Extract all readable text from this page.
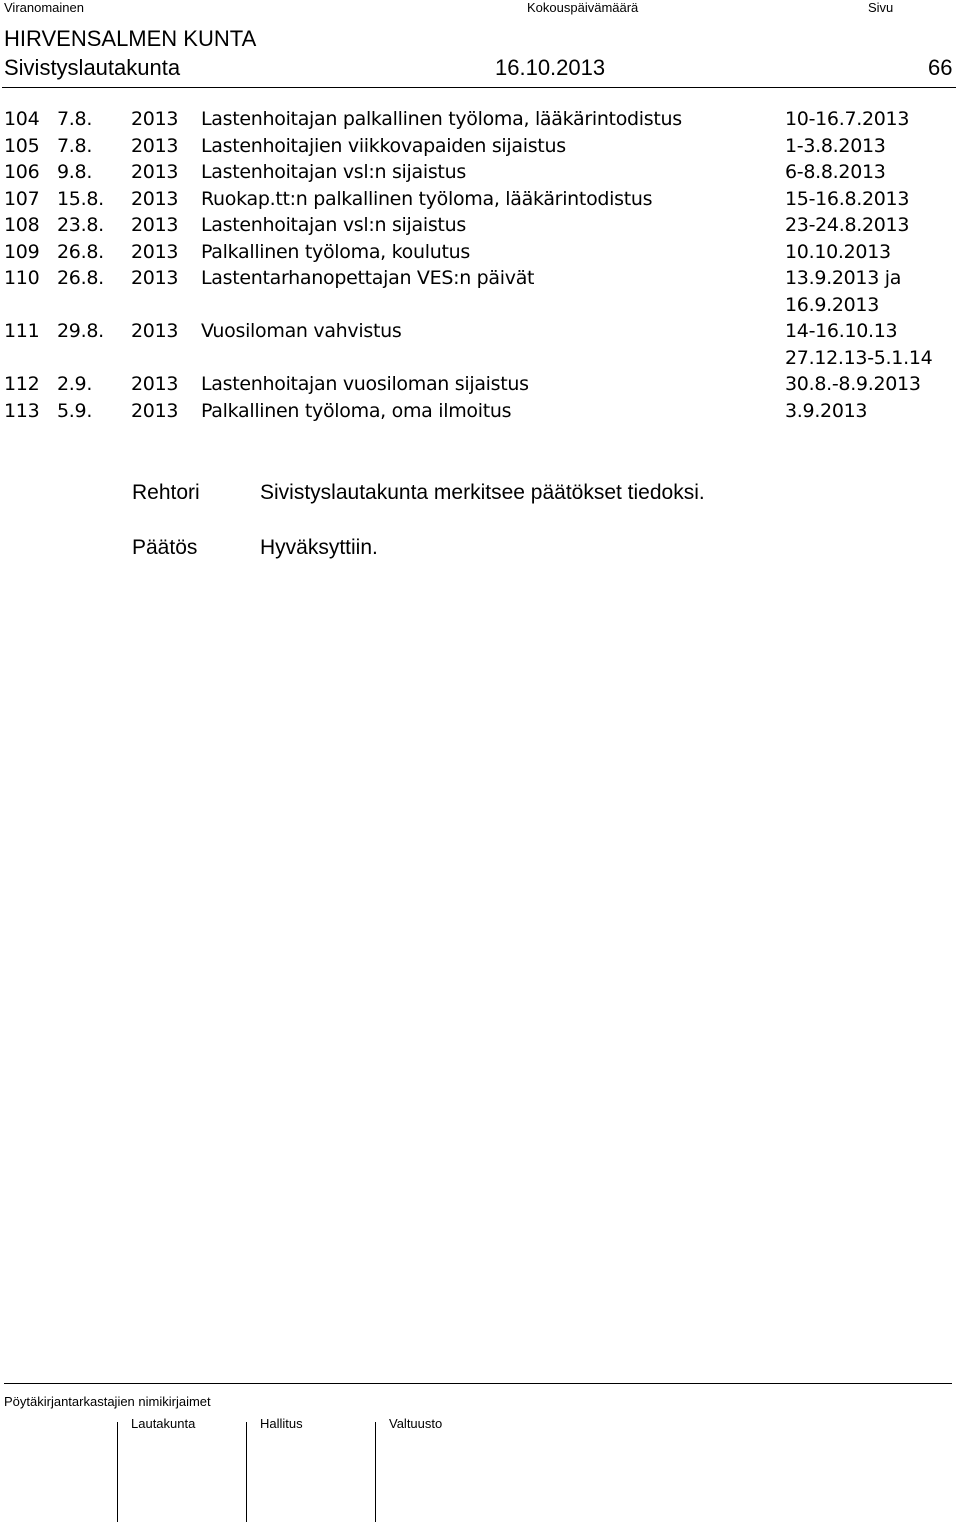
Viranomainen	Kokouspäivämäärä	Sivu
HIRVENSALMEN KUNTA
Sivistyslautakunta	16.10.2013	66
104 7.8. 2013 Lastenhoitajan palkallinen työloma, lääkärintodistus	10-16.7.2013
105 7.8. 2013 Lastenhoitajien viikkovapaiden sijaistus	1-3.8.2013
106 9.8. 2013 Lastenhoitajan vsl:n sijaistus	6-8.8.2013
107 15.8. 2013 Ruokap.tt:n palkallinen työloma, lääkärintodistus	15-16.8.2013
108 23.8. 2013 Lastenhoitajan vsl:n sijaistus	23-24.8.2013
109 26.8. 2013 Palkallinen työloma, koulutus	10.10.2013
110 26.8. 2013 Lastentarhanopettajan VES:n päivät	13.9.2013 ja
16.9.2013
111 29.8. 2013 Vuosiloman vahvistus	14-16.10.13
27.12.13-5.1.14
112 2.9. 2013 Lastenhoitajan vuosiloman sijaistus	30.8.-8.9.2013
113 5.9. 2013 Palkallinen työloma, oma ilmoitus	3.9.2013
Rehtori	Sivistyslautakunta merkitsee päätökset tiedoksi.
Päätös	Hyväksyttiin.
Pöytäkirjantarkastajien nimikirjaimet
Lautakunta	Hallitus	Valtuusto
